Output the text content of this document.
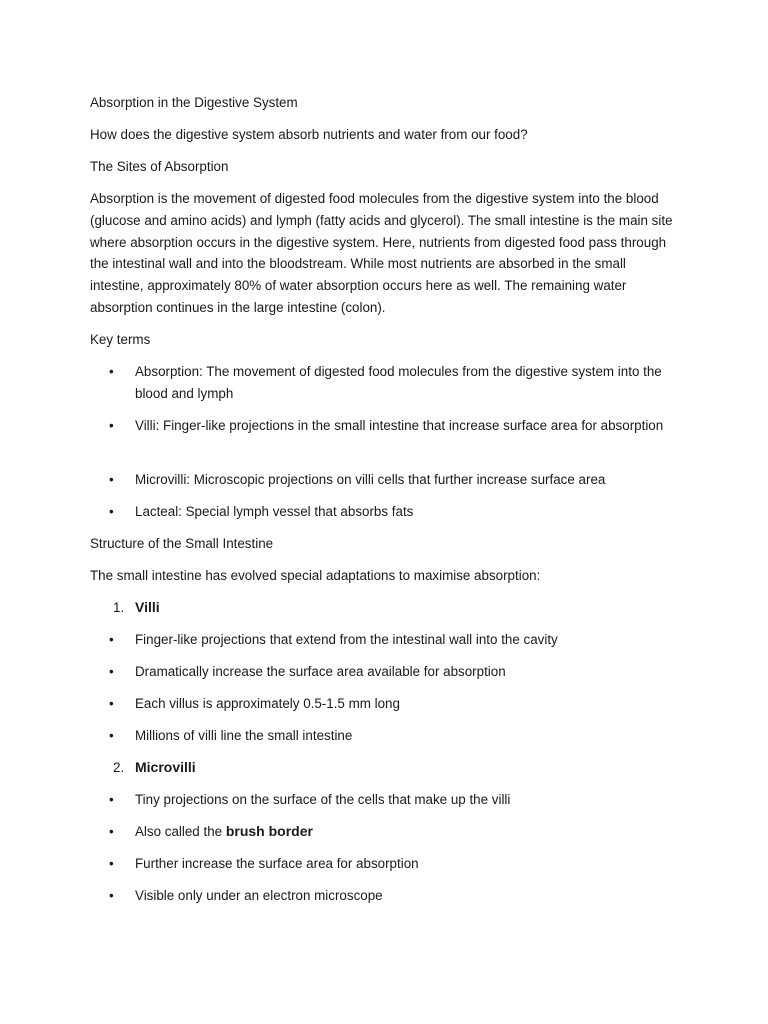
Absorption in the Digestive System
How does the digestive system absorb nutrients and water from our food?
The Sites of Absorption
Absorption is the movement of digested food molecules from the digestive system into the blood (glucose and amino acids) and lymph (fatty acids and glycerol). The small intestine is the main site where absorption occurs in the digestive system. Here, nutrients from digested food pass through the intestinal wall and into the bloodstream. While most nutrients are absorbed in the small intestine, approximately 80% of water absorption occurs here as well. The remaining water absorption continues in the large intestine (colon).
Key terms
•	Absorption: The movement of digested food molecules from the digestive system into the blood and lymph
•	Villi: Finger-like projections in the small intestine that increase surface area for absorption
•	Microvilli: Microscopic projections on villi cells that further increase surface area
•	Lacteal: Special lymph vessel that absorbs fats
Structure of the Small Intestine
The small intestine has evolved special adaptations to maximise absorption:
1. Villi
•	Finger-like projections that extend from the intestinal wall into the cavity
•	Dramatically increase the surface area available for absorption
•	Each villus is approximately 0.5-1.5 mm long
•	Millions of villi line the small intestine
2. Microvilli
•	Tiny projections on the surface of the cells that make up the villi
•	Also called the brush border
•	Further increase the surface area for absorption
•	Visible only under an electron microscope
